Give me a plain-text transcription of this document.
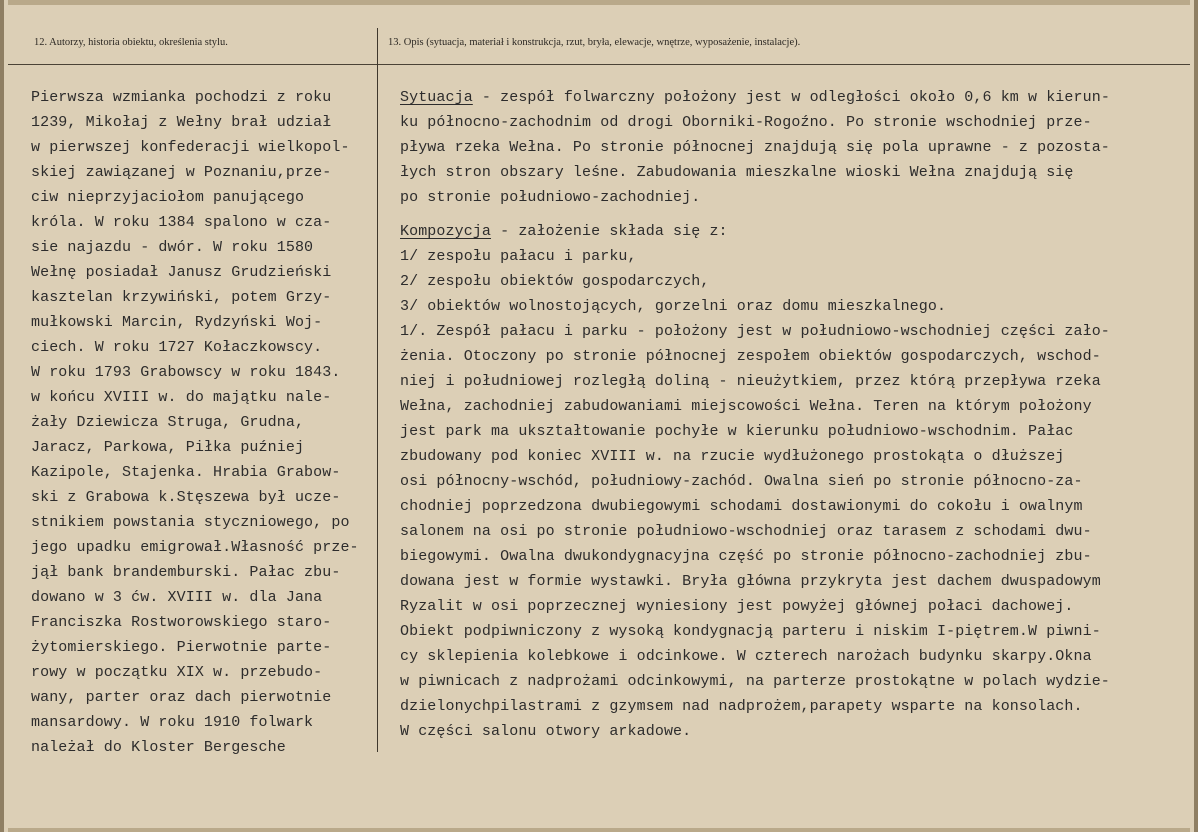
12. Autorzy, historia obiektu, określenia stylu.	13. Opis (sytuacja, materiał i konstrukcja, rzut, bryła, elewacje, wnętrze, wyposażenie, instalacje).
Pierwsza wzmianka pochodzi z roku
1239, Mikołaj z Wełny brał udział
w pierwszej konfederacji wielkopol-
skiej zawiązanej w Poznaniu,prze-
ciw nieprzyjaciołom panującego
króla. W roku 1384 spalono w cza-
sie najazdu - dwór. W roku 1580
Wełnę posiadał Janusz Grudzieński
kasztelan krzywiński, potem Grzy-
mułkowski Marcin, Rydzyński Woj-
ciech. W roku 1727 Kołaczkowscy.
W roku 1793 Grabowscy w roku 1843.
w końcu XVIII w. do majątku nale-
żały Dziewicza Struga, Grudna,
Jaracz, Parkowa, Piłka puźniej
Kazipole, Stajenka. Hrabia Grabow-
ski z Grabowa k.Stęszewa był ucze-
stnikiem powstania styczniowego, po
jego upadku emigrował.Własność prze-
jął bank brandemburski. Pałac zbu-
dowano w 3 ćw. XVIII w. dla Jana
Franciszka Rostworowskiego staro-
żytomierskiego. Pierwotnie parte-
rowy w początku XIX w. przebudo-
wany, parter oraz dach pierwotnie
mansardowy. W roku 1910 folwark
należał do Kloster Bergesche
Sytuacja - zespół folwarczny położony jest w odległości około 0,6 km w kierun-
ku północno-zachodnim od drogi Oborniki-Rogoźno. Po stronie wschodniej prze-
pływa rzeka Wełna. Po stronie północnej znajdują się pola uprawne - z pozosta-
łych stron obszary leśne. Zabudowania mieszkalne wioski Wełna znajdują się
po stronie południowo-zachodniej.
Kompozycja - założenie składa się z:
1/ zespołu pałacu i parku,
2/ zespołu obiektów gospodarczych,
3/ obiektów wolnostojących, gorzelni oraz domu mieszkalnego.
1/. Zespół pałacu i parku - położony jest w południowo-wschodniej części zało-
żenia. Otoczony po stronie północnej zespołem obiektów gospodarczych, wschod-
niej i południowej rozległą doliną - nieużytkiem, przez którą przepływa rzeka
Wełna, zachodniej zabudowaniami miejscowości Wełna. Teren na którym położony
jest park ma ukształtowanie pochyłe w kierunku południowo-wschodnim. Pałac
zbudowany pod koniec XVIII w. na rzucie wydłużonego prostokąta o dłuższej
osi północny-wschód, południowy-zachód. Owalna sień po stronie północno-za-
chodniej poprzedzona dwubiegowymi schodami dostawionymi do cokołu i owalnym
salonem na osi po stronie południowo-wschodniej oraz tarasem z schodami dwu-
biegowymi. Owalna dwukondygnacyjna część po stronie północno-zachodniej zbu-
dowana jest w formie wystawki. Bryła główna przykryta jest dachem dwuspadowym
Ryzalit w osi poprzecznej wyniesiony jest powyżej głównej połaci dachowej.
Obiekt podpiwniczony z wysoką kondygnacją parteru i niskim I-piętrem.W piwni-
cy sklepienia kolebkowe i odcinkowe. W czterech narożach budynku skarpy.Okna
w piwnicach z nadprożami odcinkowymi, na parterze prostokątne w polach wydzie-
dzielonychpilastrami z gzymsem nad nadprożem,parapety wsparte na konsolach.
W części salonu otwory arkadowe.
